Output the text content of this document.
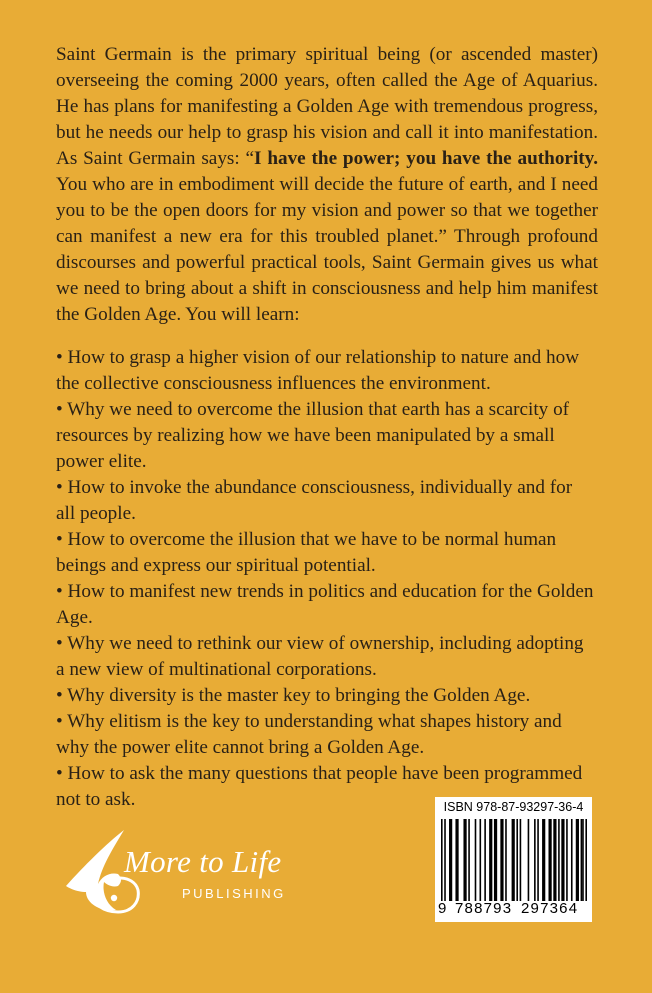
Saint Germain is the primary spiritual being (or ascended master) overseeing the coming 2000 years, often called the Age of Aquarius. He has plans for manifesting a Golden Age with tremendous progress, but he needs our help to grasp his vision and call it into manifestation. As Saint Germain says: “I have the power; you have the authority. You who are in embodiment will decide the future of earth, and I need you to be the open doors for my vision and power so that we together can manifest a new era for this troubled planet.” Through profound discourses and powerful practical tools, Saint Germain gives us what we need to bring about a shift in consciousness and help him manifest the Golden Age. You will learn:

• How to grasp a higher vision of our relationship to nature and how the collective consciousness influences the environment.
• Why we need to overcome the illusion that earth has a scarcity of resources by realizing how we have been manipulated by a small power elite.
• How to invoke the abundance consciousness, individually and for all people.
• How to overcome the illusion that we have to be normal human beings and express our spiritual potential.
• How to manifest new trends in politics and education for the Golden Age.
• Why we need to rethink our view of ownership, including adopting a new view of multinational corporations.
• Why diversity is the master key to bringing the Golden Age.
• Why elitism is the key to understanding what shapes history and why the power elite cannot bring a Golden Age.
• How to ask the many questions that people have been programmed not to ask.
More to Life
PUBLISHING
ISBN 978-87-93297-36-4
9 788793 297364
